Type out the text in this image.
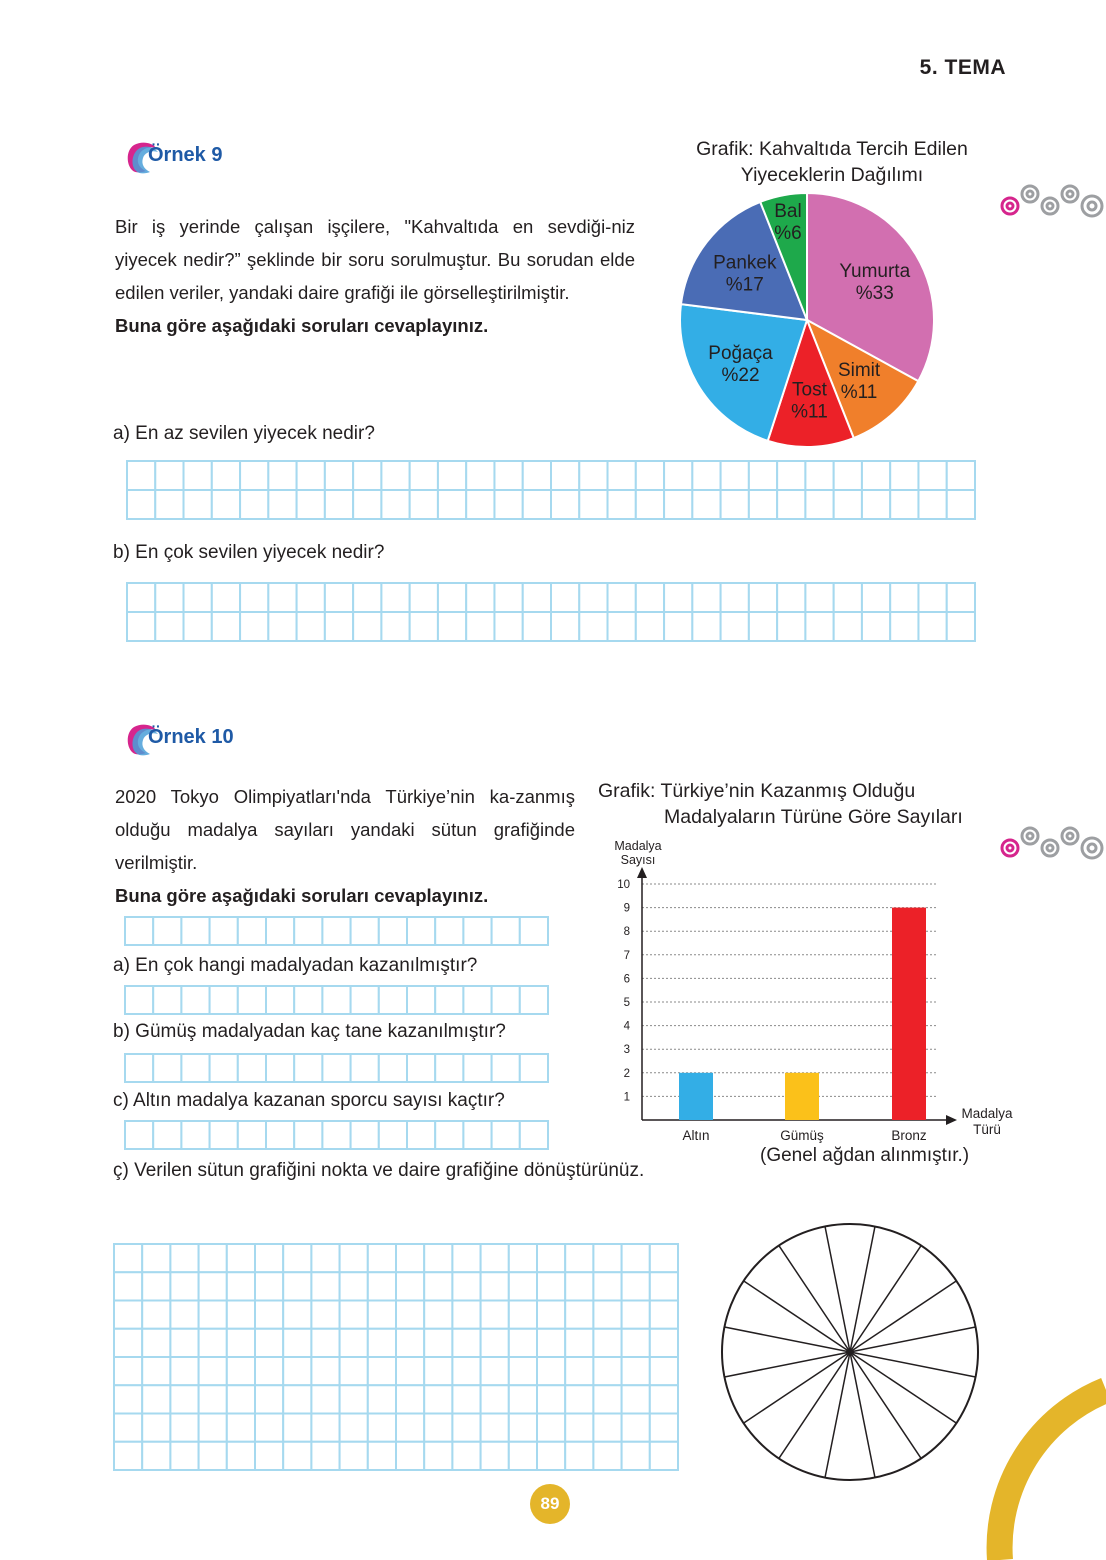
5. TEMA
Örnek 9	Grafik: Kahvaltıda Tercih Edilen
Yiyeceklerin Dağılımı

Bir iş yerinde çalışan işçilere, "Kahvaltıda en sevdiği-niz yiyecek nedir?” şeklinde bir soru sorulmuştur. Bu sorudan elde edilen veriler, yandaki daire grafiği ile görselleştirilmiştir.

Buna göre aşağıdaki soruları cevaplayınız.

Yumurta
%33
Simit
%11
Tost
%11
Poğaça
%22
Pankek
%17
Bal
%6
a) En az sevilen yiyecek nedir?
b) En çok sevilen yiyecek nedir?
Örnek 10

2020 Tokyo Olimpiyatları'nda Türkiye’nin ka-zanmış olduğu madalya sayıları yandaki sütun grafiğinde verilmiştir.

Buna göre aşağıdaki soruları cevaplayınız.

a) En çok hangi madalyadan kazanılmıştır?
b) Gümüş madalyadan kaç tane kazanılmıştır?
c) Altın madalya kazanan sporcu sayısı kaçtır?
ç) Verilen sütun grafiğini nokta ve daire grafiğine dönüştürünüz.
Grafik: Türkiye’nin Kazanmış Olduğu
Madalyaların Türüne Göre Sayıları
Madalya
Sayısı
1
2
3
4
5
6
7
8
9
10
Madalya
Türü
Altın	Gümüş	Bronz
(Genel ağdan alınmıştır.)
89
